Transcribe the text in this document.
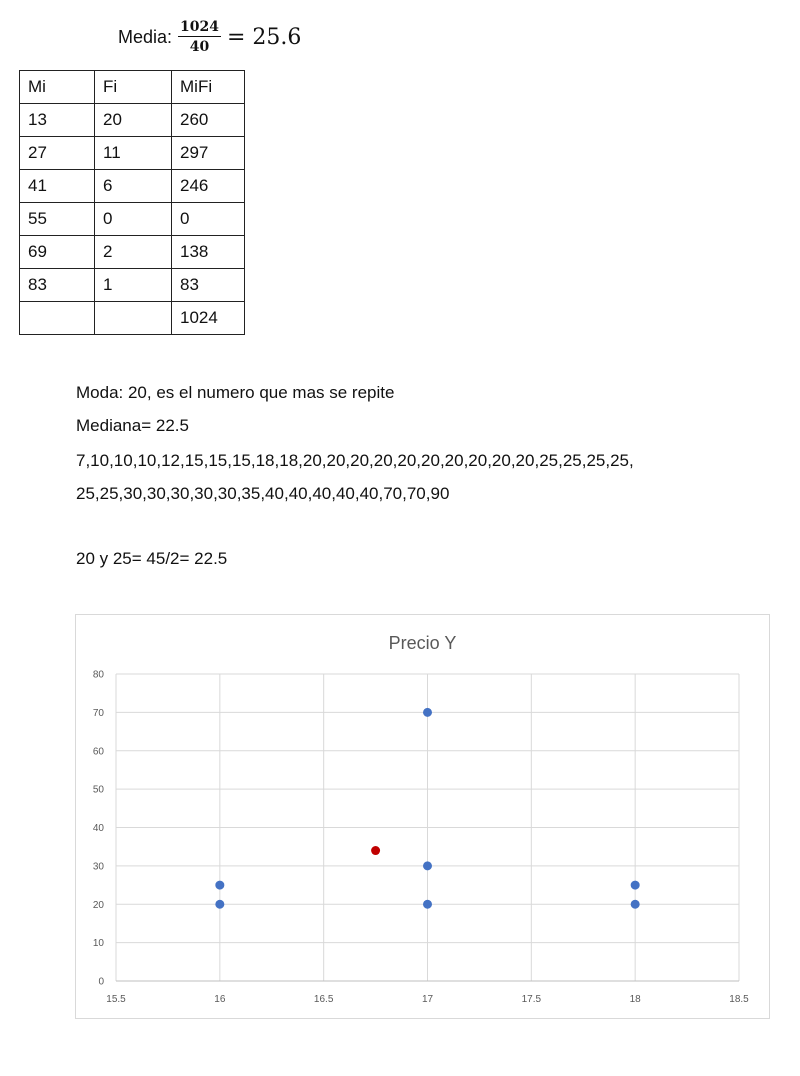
Media: $\frac{1024}{40} = 25.6$
Mi	Fi	MiFi
13	20	260
27	11	297
41	6	246
55	0	0
69	2	138
83	1	83
		1024
Moda: 20, es el numero que mas se repite
Mediana= 22.5
7,10,10,10,12,15,15,15,18,18,20,20,20,20,20,20,20,20,20,20,25,25,25,25,
25,25,30,30,30,30,30,35,40,40,40,40,40,70,70,90
20 y 25= 45/2= 22.5
Precio Y
0
10
20
30
40
50
60
70
80
15.5	16	16.5	17	17.5	18	18.5
